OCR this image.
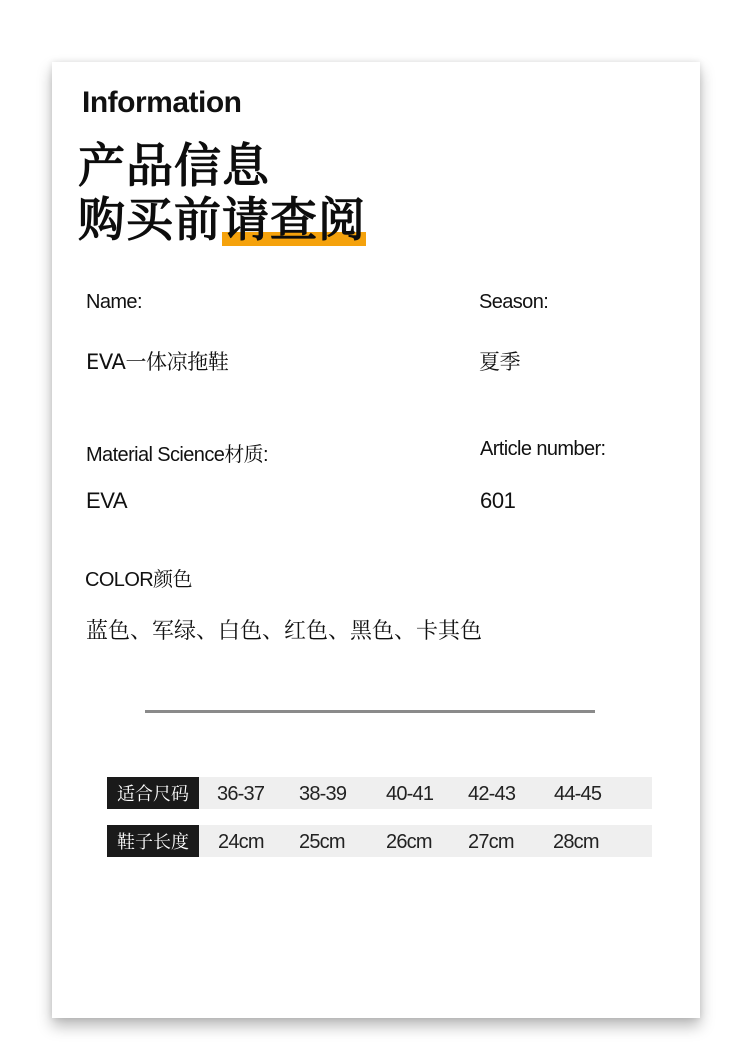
Information
产品信息
购买前请查阅
Name:
EVA一体凉拖鞋
Season:
夏季
Material Science材质:
EVA
Article number:
601
COLOR颜色
蓝色、军绿、白色、红色、黑色、卡其色
适合尺码	36-37 38-39 40-41 42-43 44-45
鞋子长度	24cm 25cm 26cm 27cm 28cm
